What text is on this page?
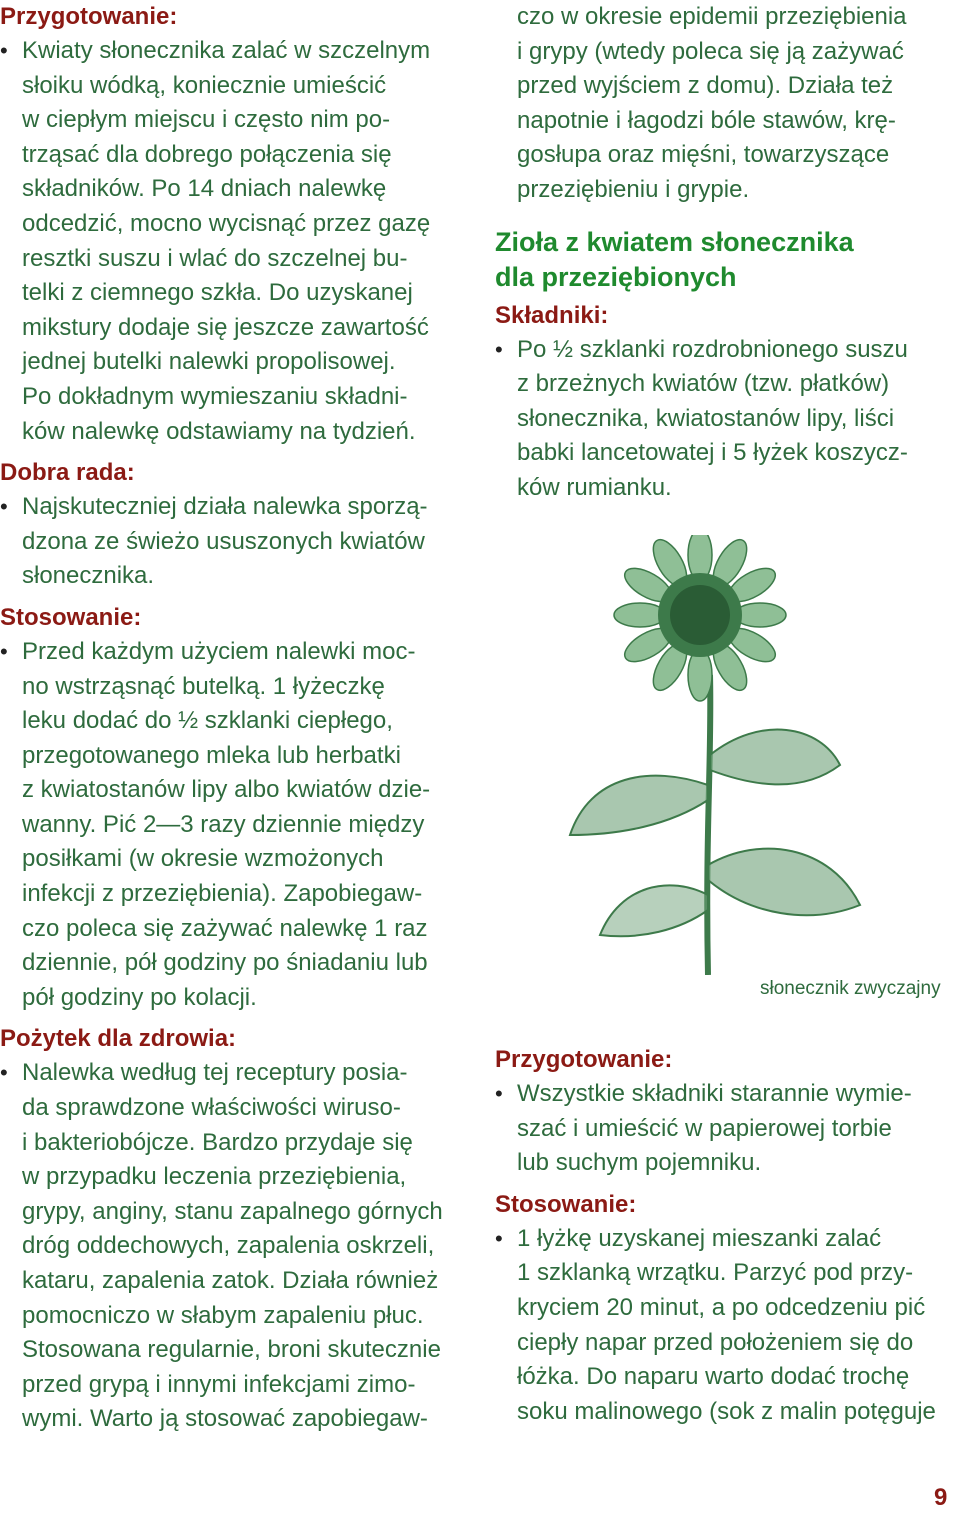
Przygotowanie:
• Kwiaty słonecznika zalać w szczelnym
słoiku wódką, koniecznie umieścić
w ciepłym miejscu i często nim po-
trząsać dla dobrego połączenia się
składników. Po 14 dniach nalewkę
odcedzić, mocno wycisnąć przez gazę
resztki suszu i wlać do szczelnej bu-
telki z ciemnego szkła. Do uzyskanej
mikstury dodaje się jeszcze zawartość
jednej butelki nalewki propolisowej.
Po dokładnym wymieszaniu składni-
ków nalewkę odstawiamy na tydzień.
Dobra rada:
• Najskuteczniej działa nalewka sporzą-
dzona ze świeżo ususzonych kwiatów
słonecznika.
Stosowanie:
• Przed każdym użyciem nalewki moc-
no wstrząsnąć butelką. 1 łyżeczkę
leku dodać do ½ szklanki ciepłego,
przegotowanego mleka lub herbatki
z kwiatostanów lipy albo kwiatów dzie-
wanny. Pić 2—3 razy dziennie między
posiłkami (w okresie wzmożonych
infekcji z przeziębienia). Zapobiegaw-
czo poleca się zażywać nalewkę 1 raz
dziennie, pół godziny po śniadaniu lub
pół godziny po kolacji.
Pożytek dla zdrowia:
• Nalewka według tej receptury posia-
da sprawdzone właściwości wiruso-
i bakteriobójcze. Bardzo przydaje się
w przypadku leczenia przeziębienia,
grypy, anginy, stanu zapalnego górnych
dróg oddechowych, zapalenia oskrzeli,
kataru, zapalenia zatok. Działa również
pomocniczo w słabym zapaleniu płuc.
Stosowana regularnie, broni skutecznie
przed grypą i innymi infekcjami zimo-
wymi. Warto ją stosować zapobiegaw-
czo w okresie epidemii przeziębienia
i grypy (wtedy poleca się ją zażywać
przed wyjściem z domu). Działa też
napotnie i łagodzi bóle stawów, krę-
gosłupa oraz mięśni, towarzyszące
przeziębieniu i grypie.
Zioła z kwiatem słonecznika
dla przeziębionych
Składniki:
• Po ½ szklanki rozdrobnionego suszu
z brzeżnych kwiatów (tzw. płatków)
słonecznika, kwiatostanów lipy, liści
babki lancetowatej i 5 łyżek koszycz-
ków rumianku.
słonecznik zwyczajny
Przygotowanie:
• Wszystkie składniki starannie wymie-
szać i umieścić w papierowej torbie
lub suchym pojemniku.
Stosowanie:
• 1 łyżkę uzyskanej mieszanki zalać
1 szklanką wrzątku. Parzyć pod przy-
kryciem 20 minut, a po odcedzeniu pić
ciepły napar przed położeniem się do
łóżka. Do naparu warto dodać trochę
soku malinowego (sok z malin potęguje
9
